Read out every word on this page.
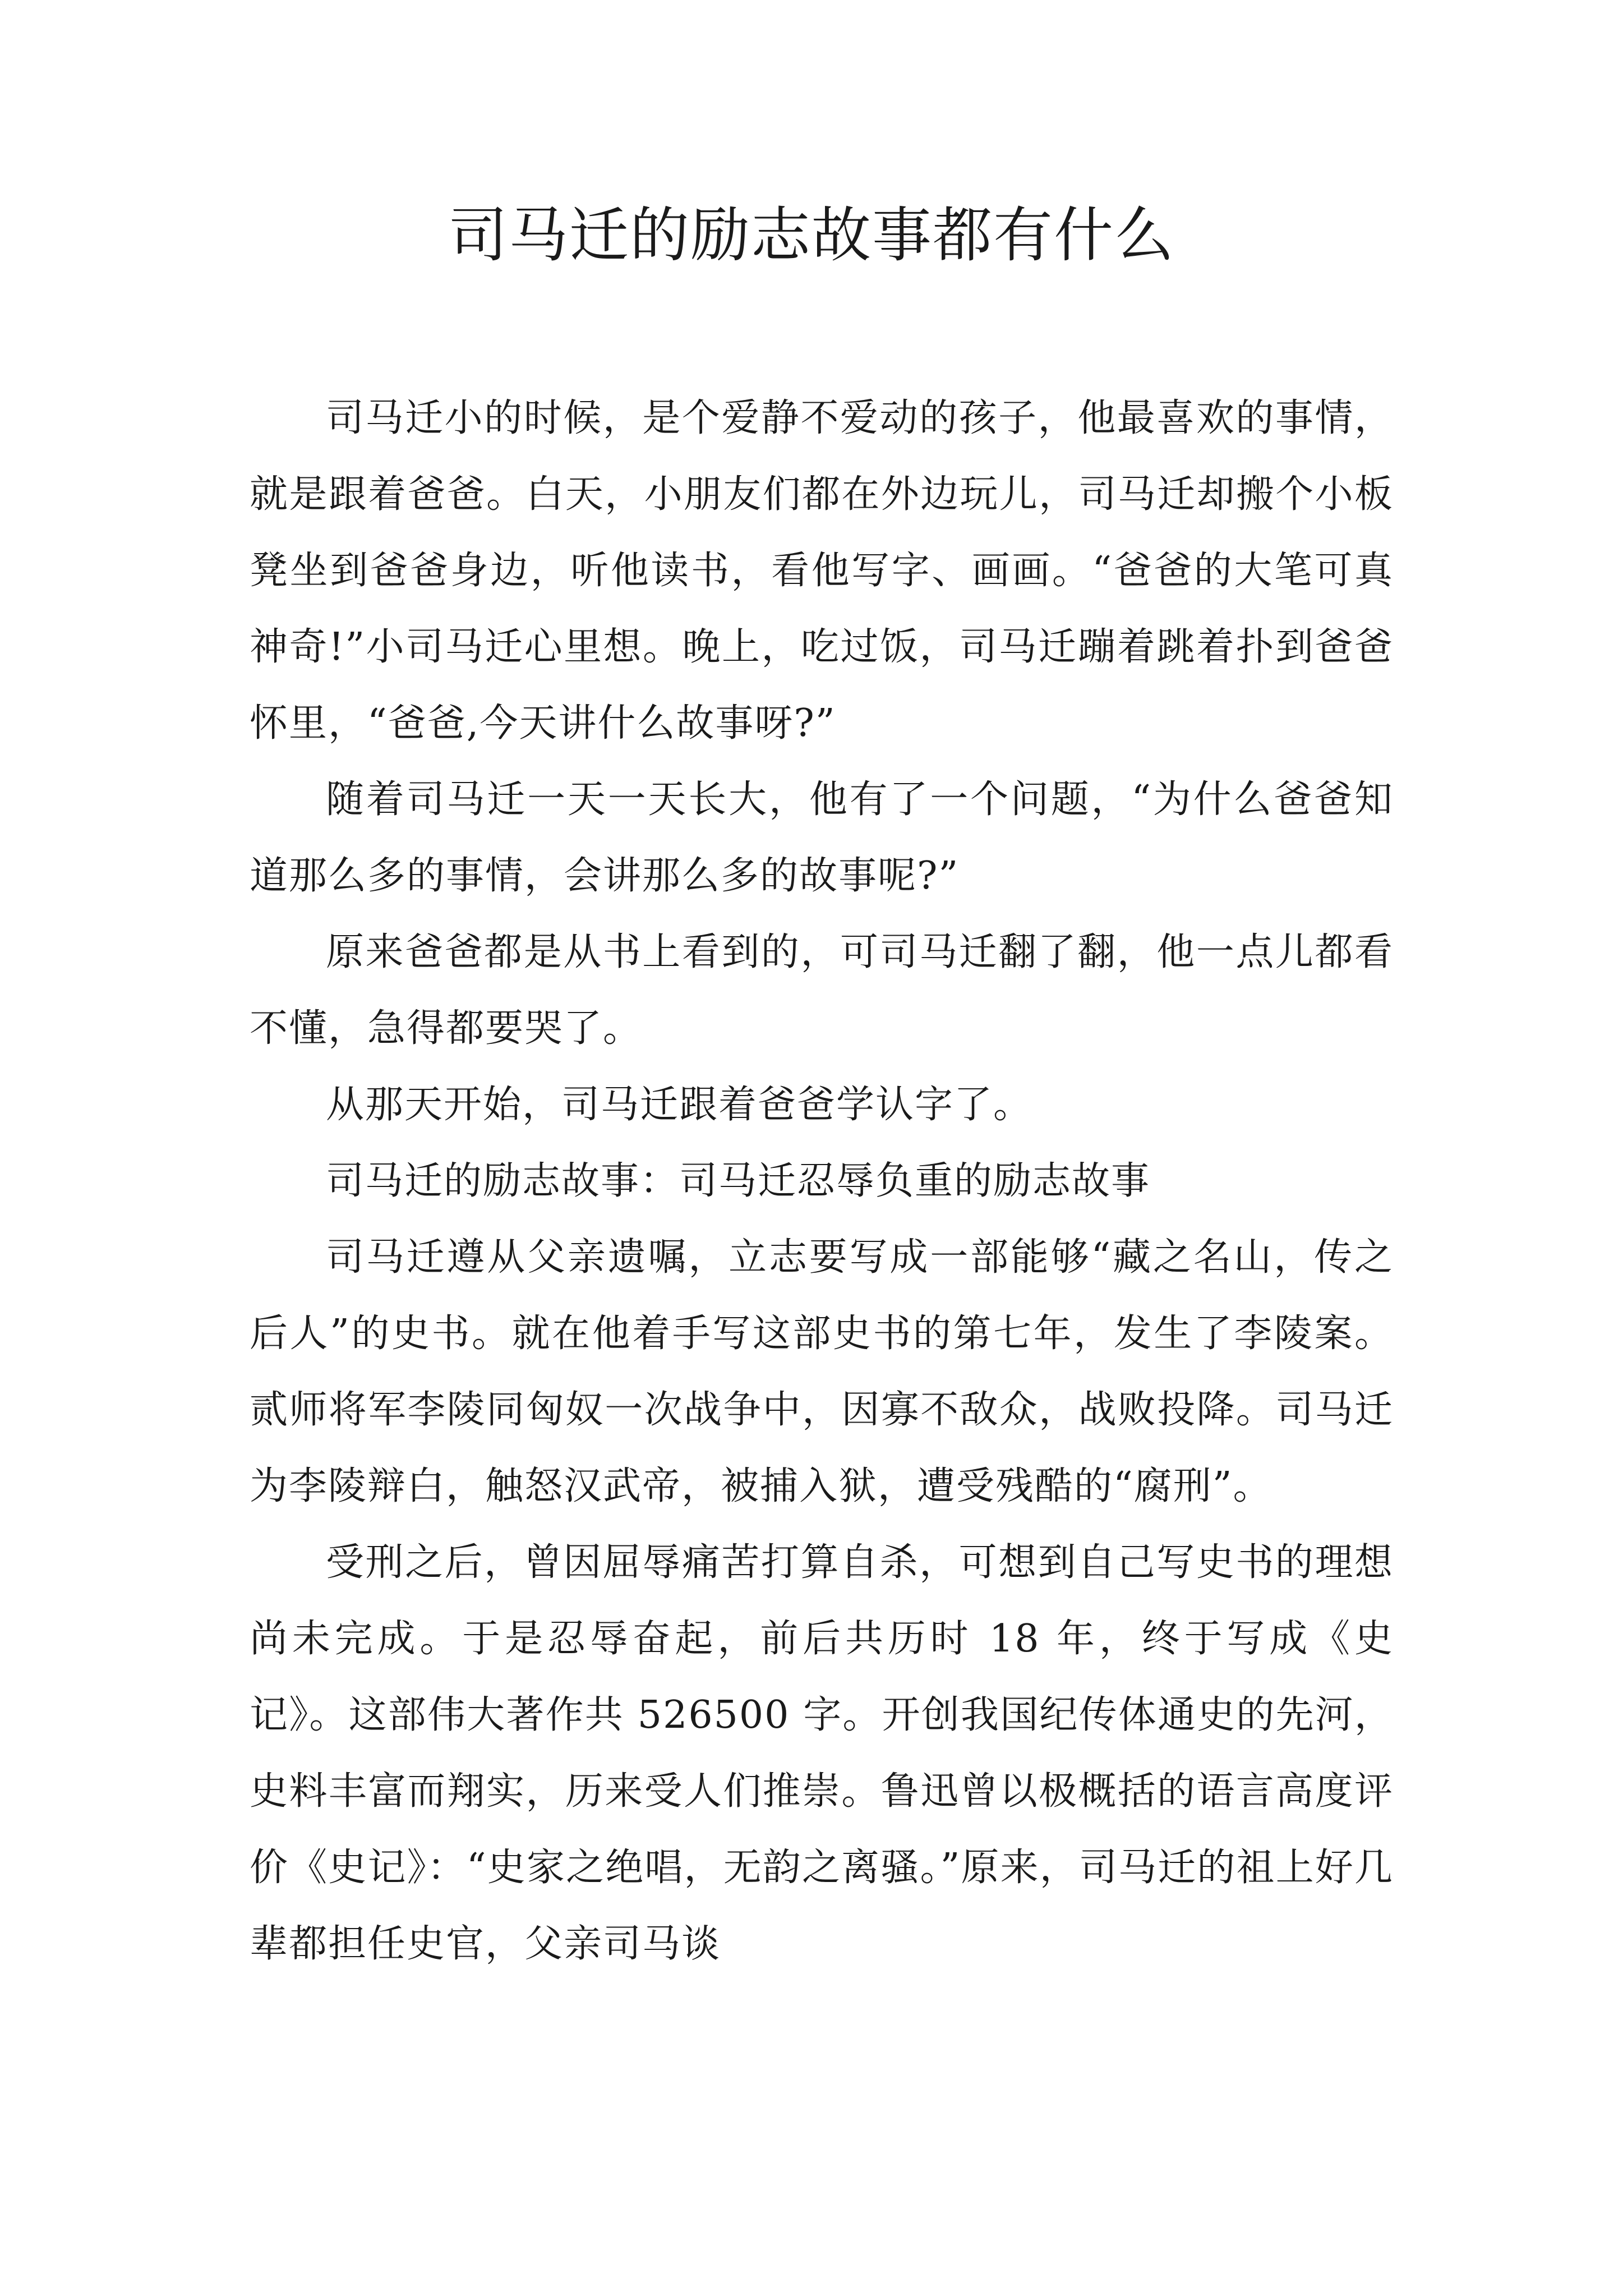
司马迁的励志故事都有什么

司马迁小的时候，是个爱静不爱动的孩子，他最喜欢的事情，就是跟着爸爸。白天，小朋友们都在外边玩儿，司马迁却搬个小板凳坐到爸爸身边，听他读书，看他写字、画画。“爸爸的大笔可真神奇!”小司马迁心里想。晚上，吃过饭，司马迁蹦着跳着扑到爸爸怀里，“爸爸,今天讲什么故事呀?”

随着司马迁一天一天长大，他有了一个问题，“为什么爸爸知道那么多的事情，会讲那么多的故事呢?”

原来爸爸都是从书上看到的，可司马迁翻了翻，他一点儿都看不懂，急得都要哭了。

从那天开始，司马迁跟着爸爸学认字了。

司马迁的励志故事：司马迁忍辱负重的励志故事

司马迁遵从父亲遗嘱，立志要写成一部能够“藏之名山，传之后人”的史书。就在他着手写这部史书的第七年，发生了李陵案。贰师将军李陵同匈奴一次战争中，因寡不敌众，战败投降。司马迁为李陵辩白，触怒汉武帝，被捕入狱，遭受残酷的“腐刑”。

受刑之后，曾因屈辱痛苦打算自杀，可想到自己写史书的理想尚未完成。于是忍辱奋起，前后共历时 18 年，终于写成《史记》。这部伟大著作共 526500 字。开创我国纪传体通史的先河，史料丰富而翔实，历来受人们推崇。鲁迅曾以极概括的语言高度评价《史记》：“史家之绝唱，无韵之离骚。”原来，司马迁的祖上好几辈都担任史官，父亲司马谈
